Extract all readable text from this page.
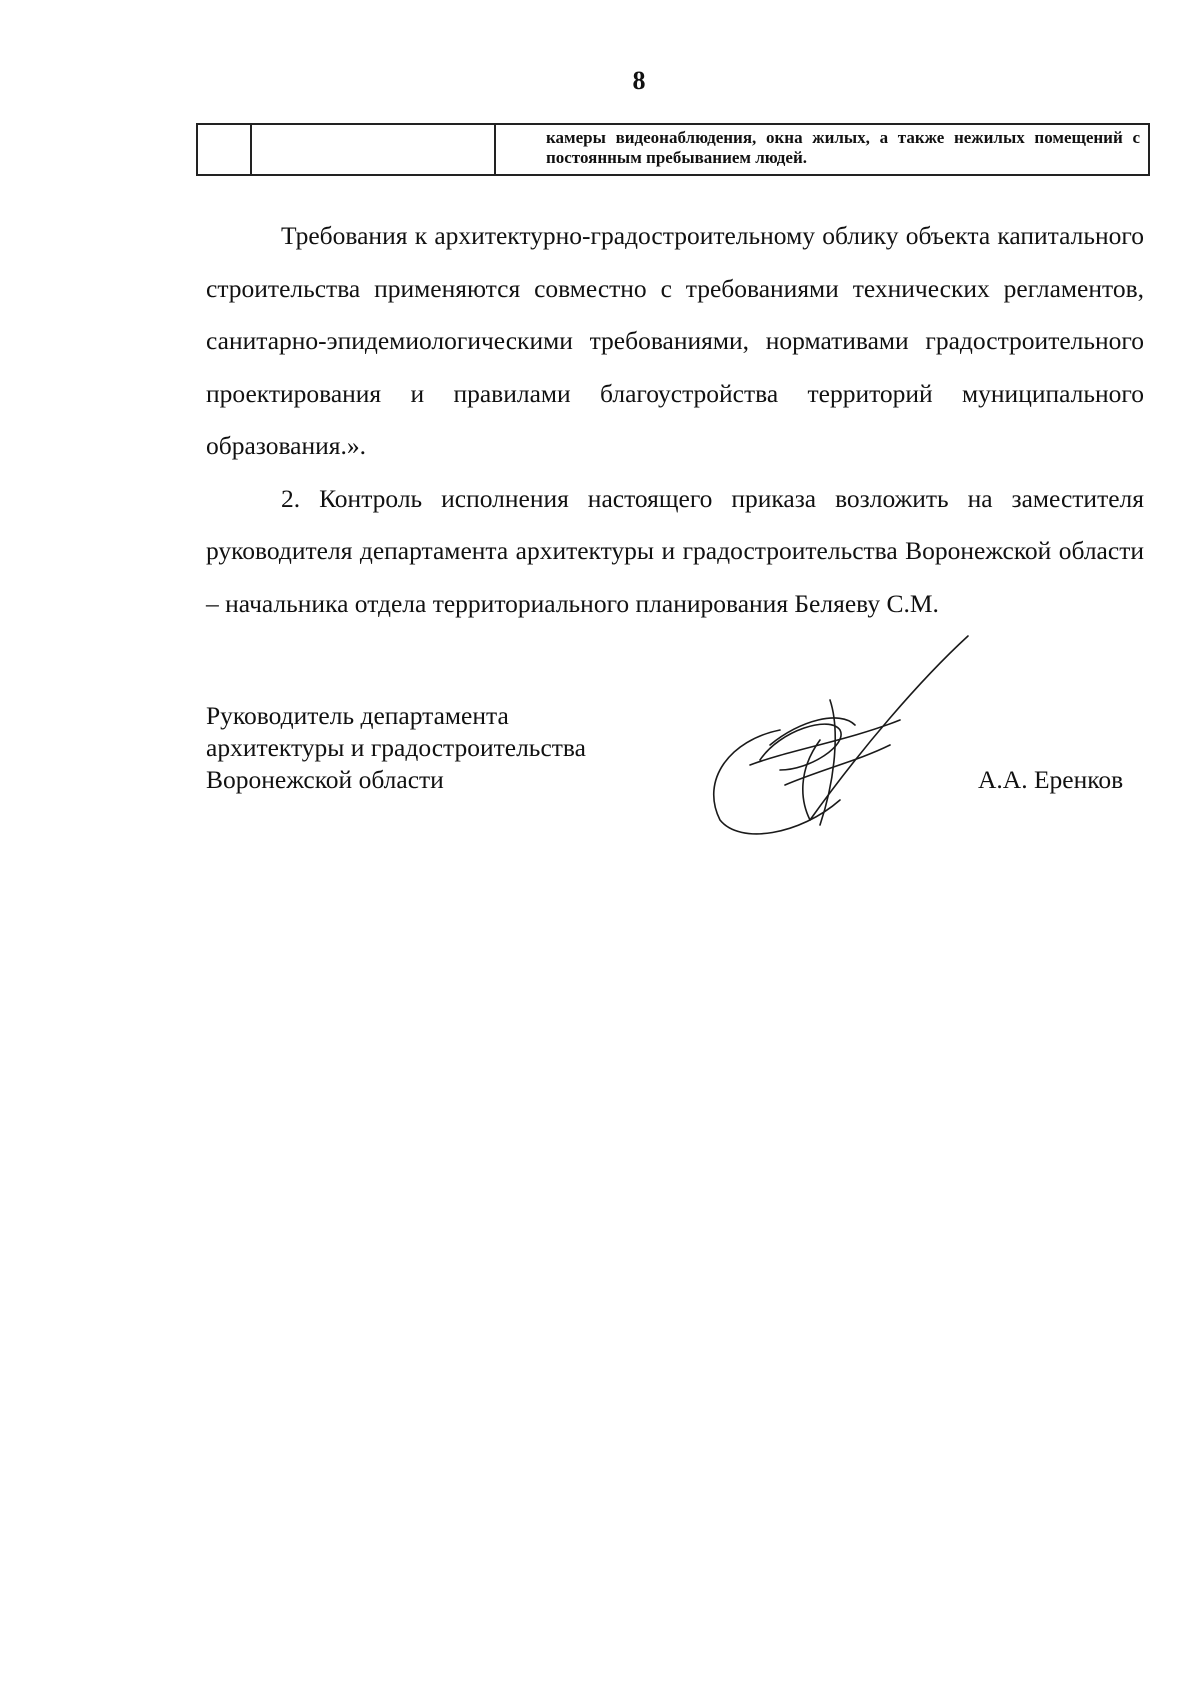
8
		камеры видеонаблюдения, окна жилых, а также нежилых помещений с постоянным пребыванием людей.

Требования к архитектурно-градостроительному облику объекта капитального строительства применяются совместно с требованиями технических регламентов, санитарно-эпидемиологическими требованиями, нормативами градостроительного проектирования и правилами благоустройства территорий муниципального образования.».

2. Контроль исполнения настоящего приказа возложить на заместителя руководителя департамента архитектуры и градостроительства Воронежской области – начальника отдела территориального планирования Беляеву С.М.

Руководитель департамента
архитектуры и градостроительства
Воронежской области	А.А. Еренков
